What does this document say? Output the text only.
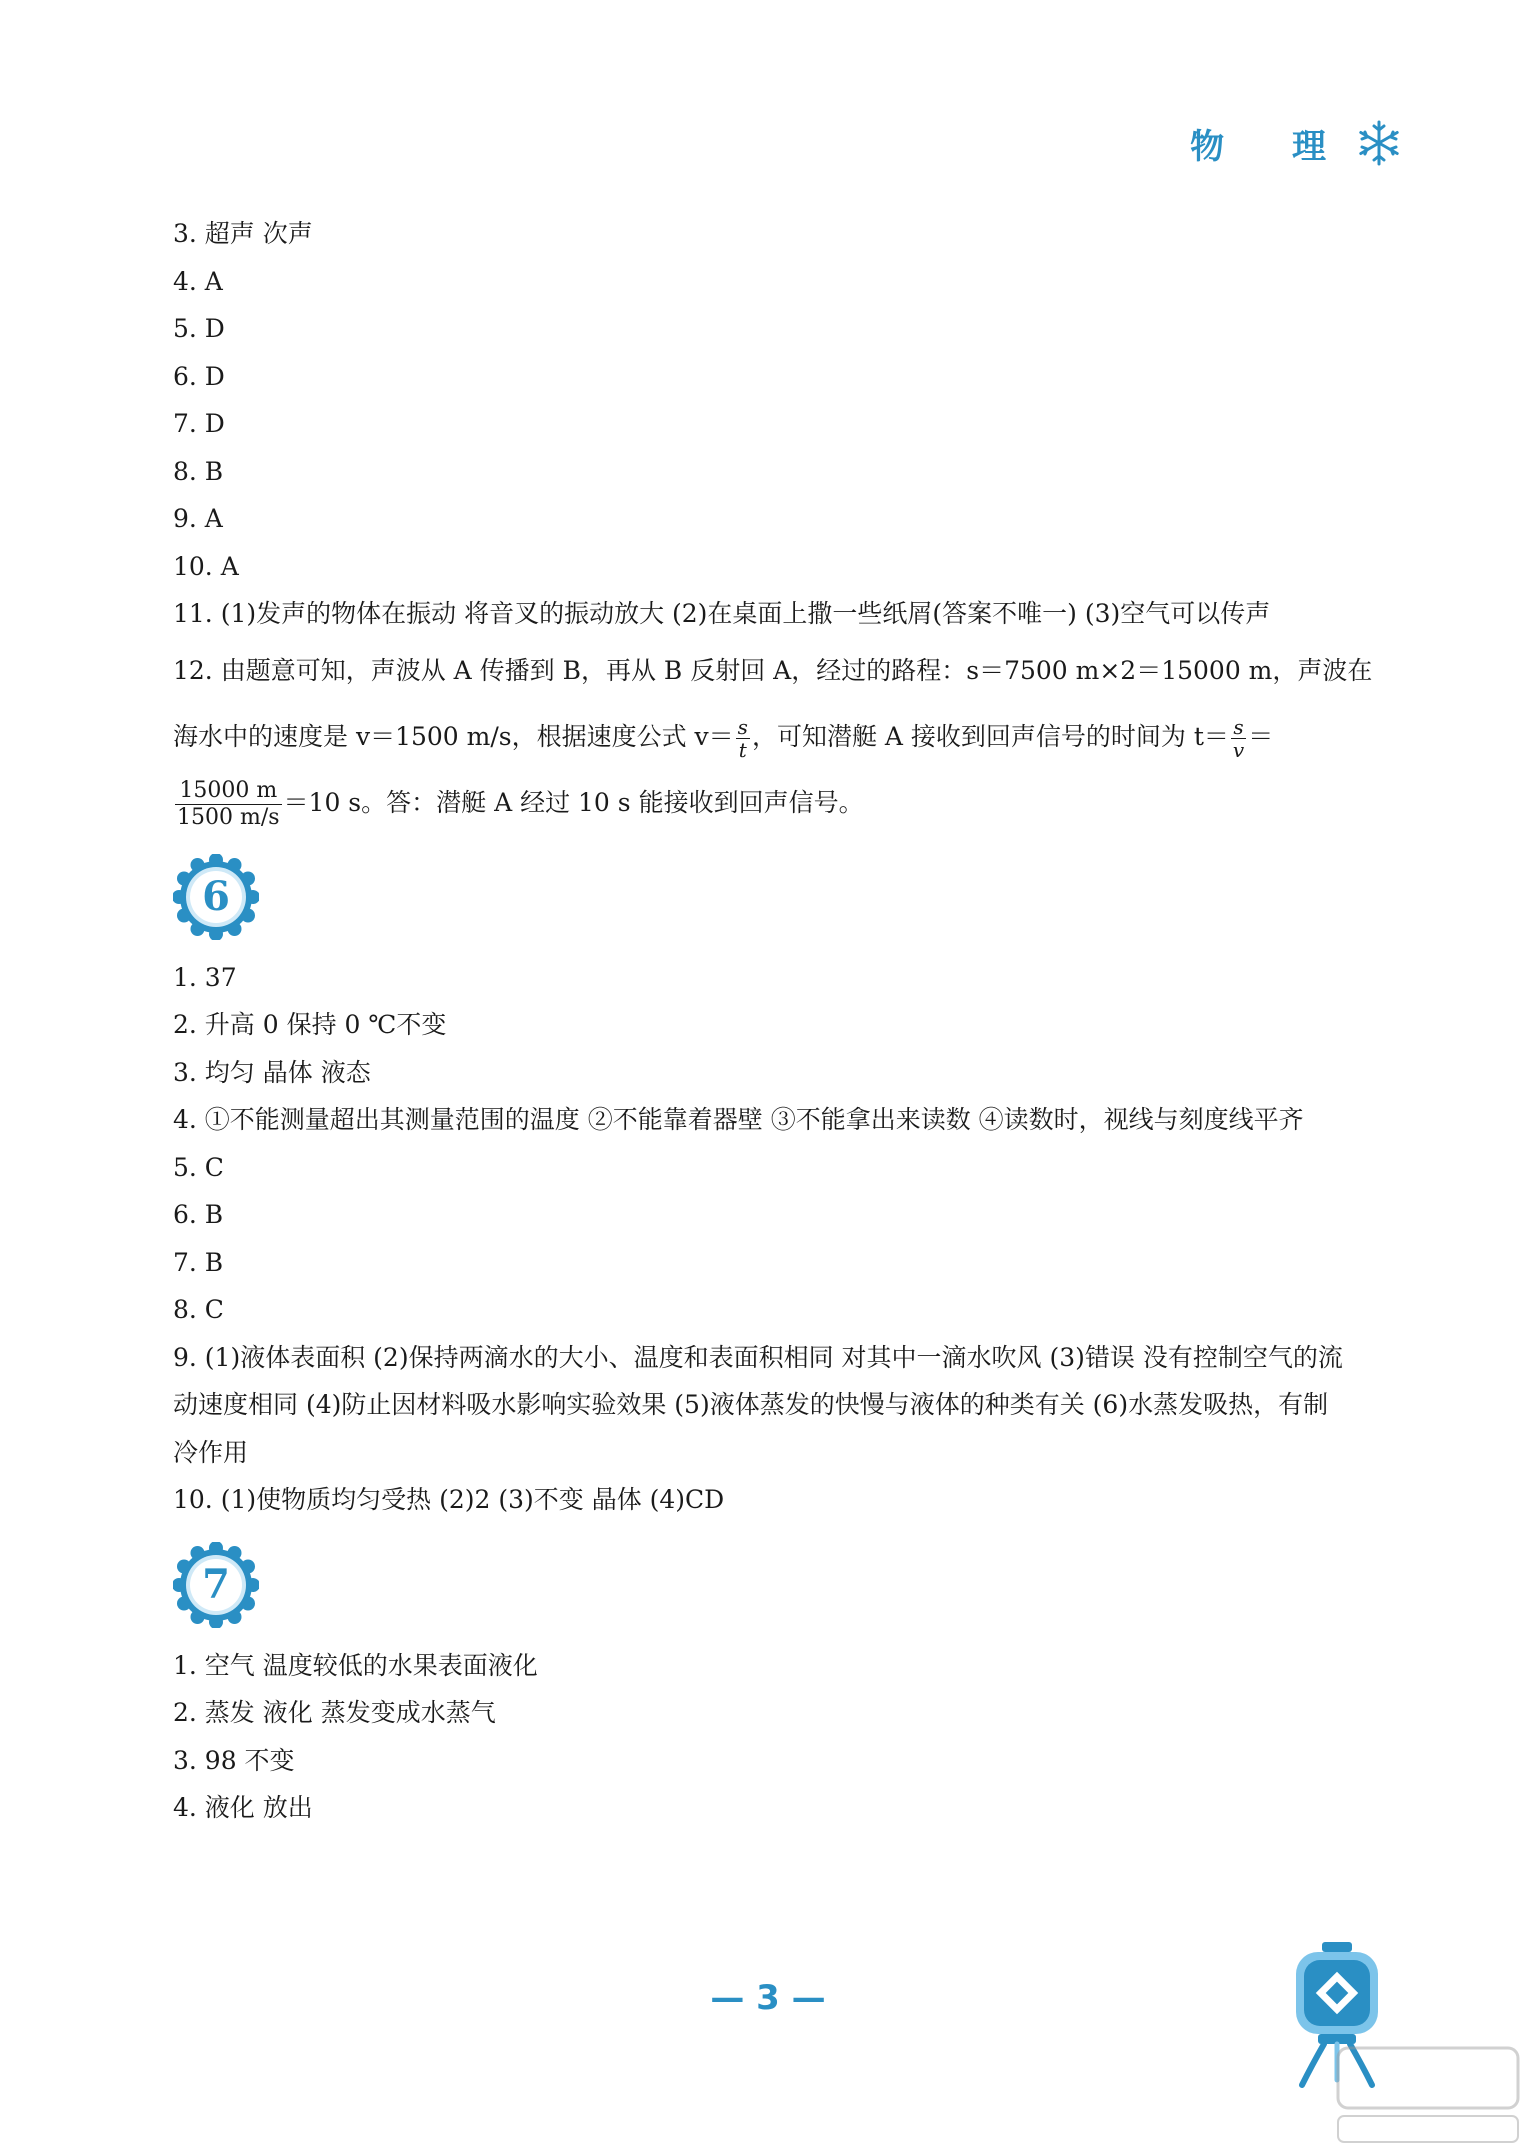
物 理

3. 超声 次声

4. A

5. D

6. D

7. D

8. B

9. A

10. A

11. (1)发声的物体在振动 将音叉的振动放大 (2)在桌面上撒一些纸屑(答案不唯一) (3)空气可以传声

12. 由题意可知，声波从 A 传播到 B，再从 B 反射回 A，经过的路程：s＝7500 m×2＝15000 m，声波在
海水中的速度是 v＝1500 m/s，根据速度公式 $v= \frac{s}{t}$ ，可知潜艇 A 接收到回声信号的时间为 $t= \frac{s}{v}$ ＝
$\frac{15000 m}{1500 m/s} =10$ s。答：潜艇 A 经过 10 s 能接收到回声信号。
6

1. 37

2. 升高 0 保持 0 ℃不变

3. 均匀 晶体 液态

4. ①不能测量超出其测量范围的温度 ②不能靠着器壁 ③不能拿出来读数 ④读数时，视线与刻度线平齐

5. C

6. B

7. B

8. C

9. (1)液体表面积 (2)保持两滴水的大小、温度和表面积相同 对其中一滴水吹风 (3)错误 没有控制空气的流动速度相同 (4)防止因材料吸水影响实验效果 (5)液体蒸发的快慢与液体的种类有关 (6)水蒸发吸热，有制冷作用

10. (1)使物质均匀受热 (2)2 (3)不变 晶体 (4)CD

7

1. 空气 温度较低的水果表面液化

2. 蒸发 液化 蒸发变成水蒸气

3. 98 不变

4. 液化 放出

— 3 —
